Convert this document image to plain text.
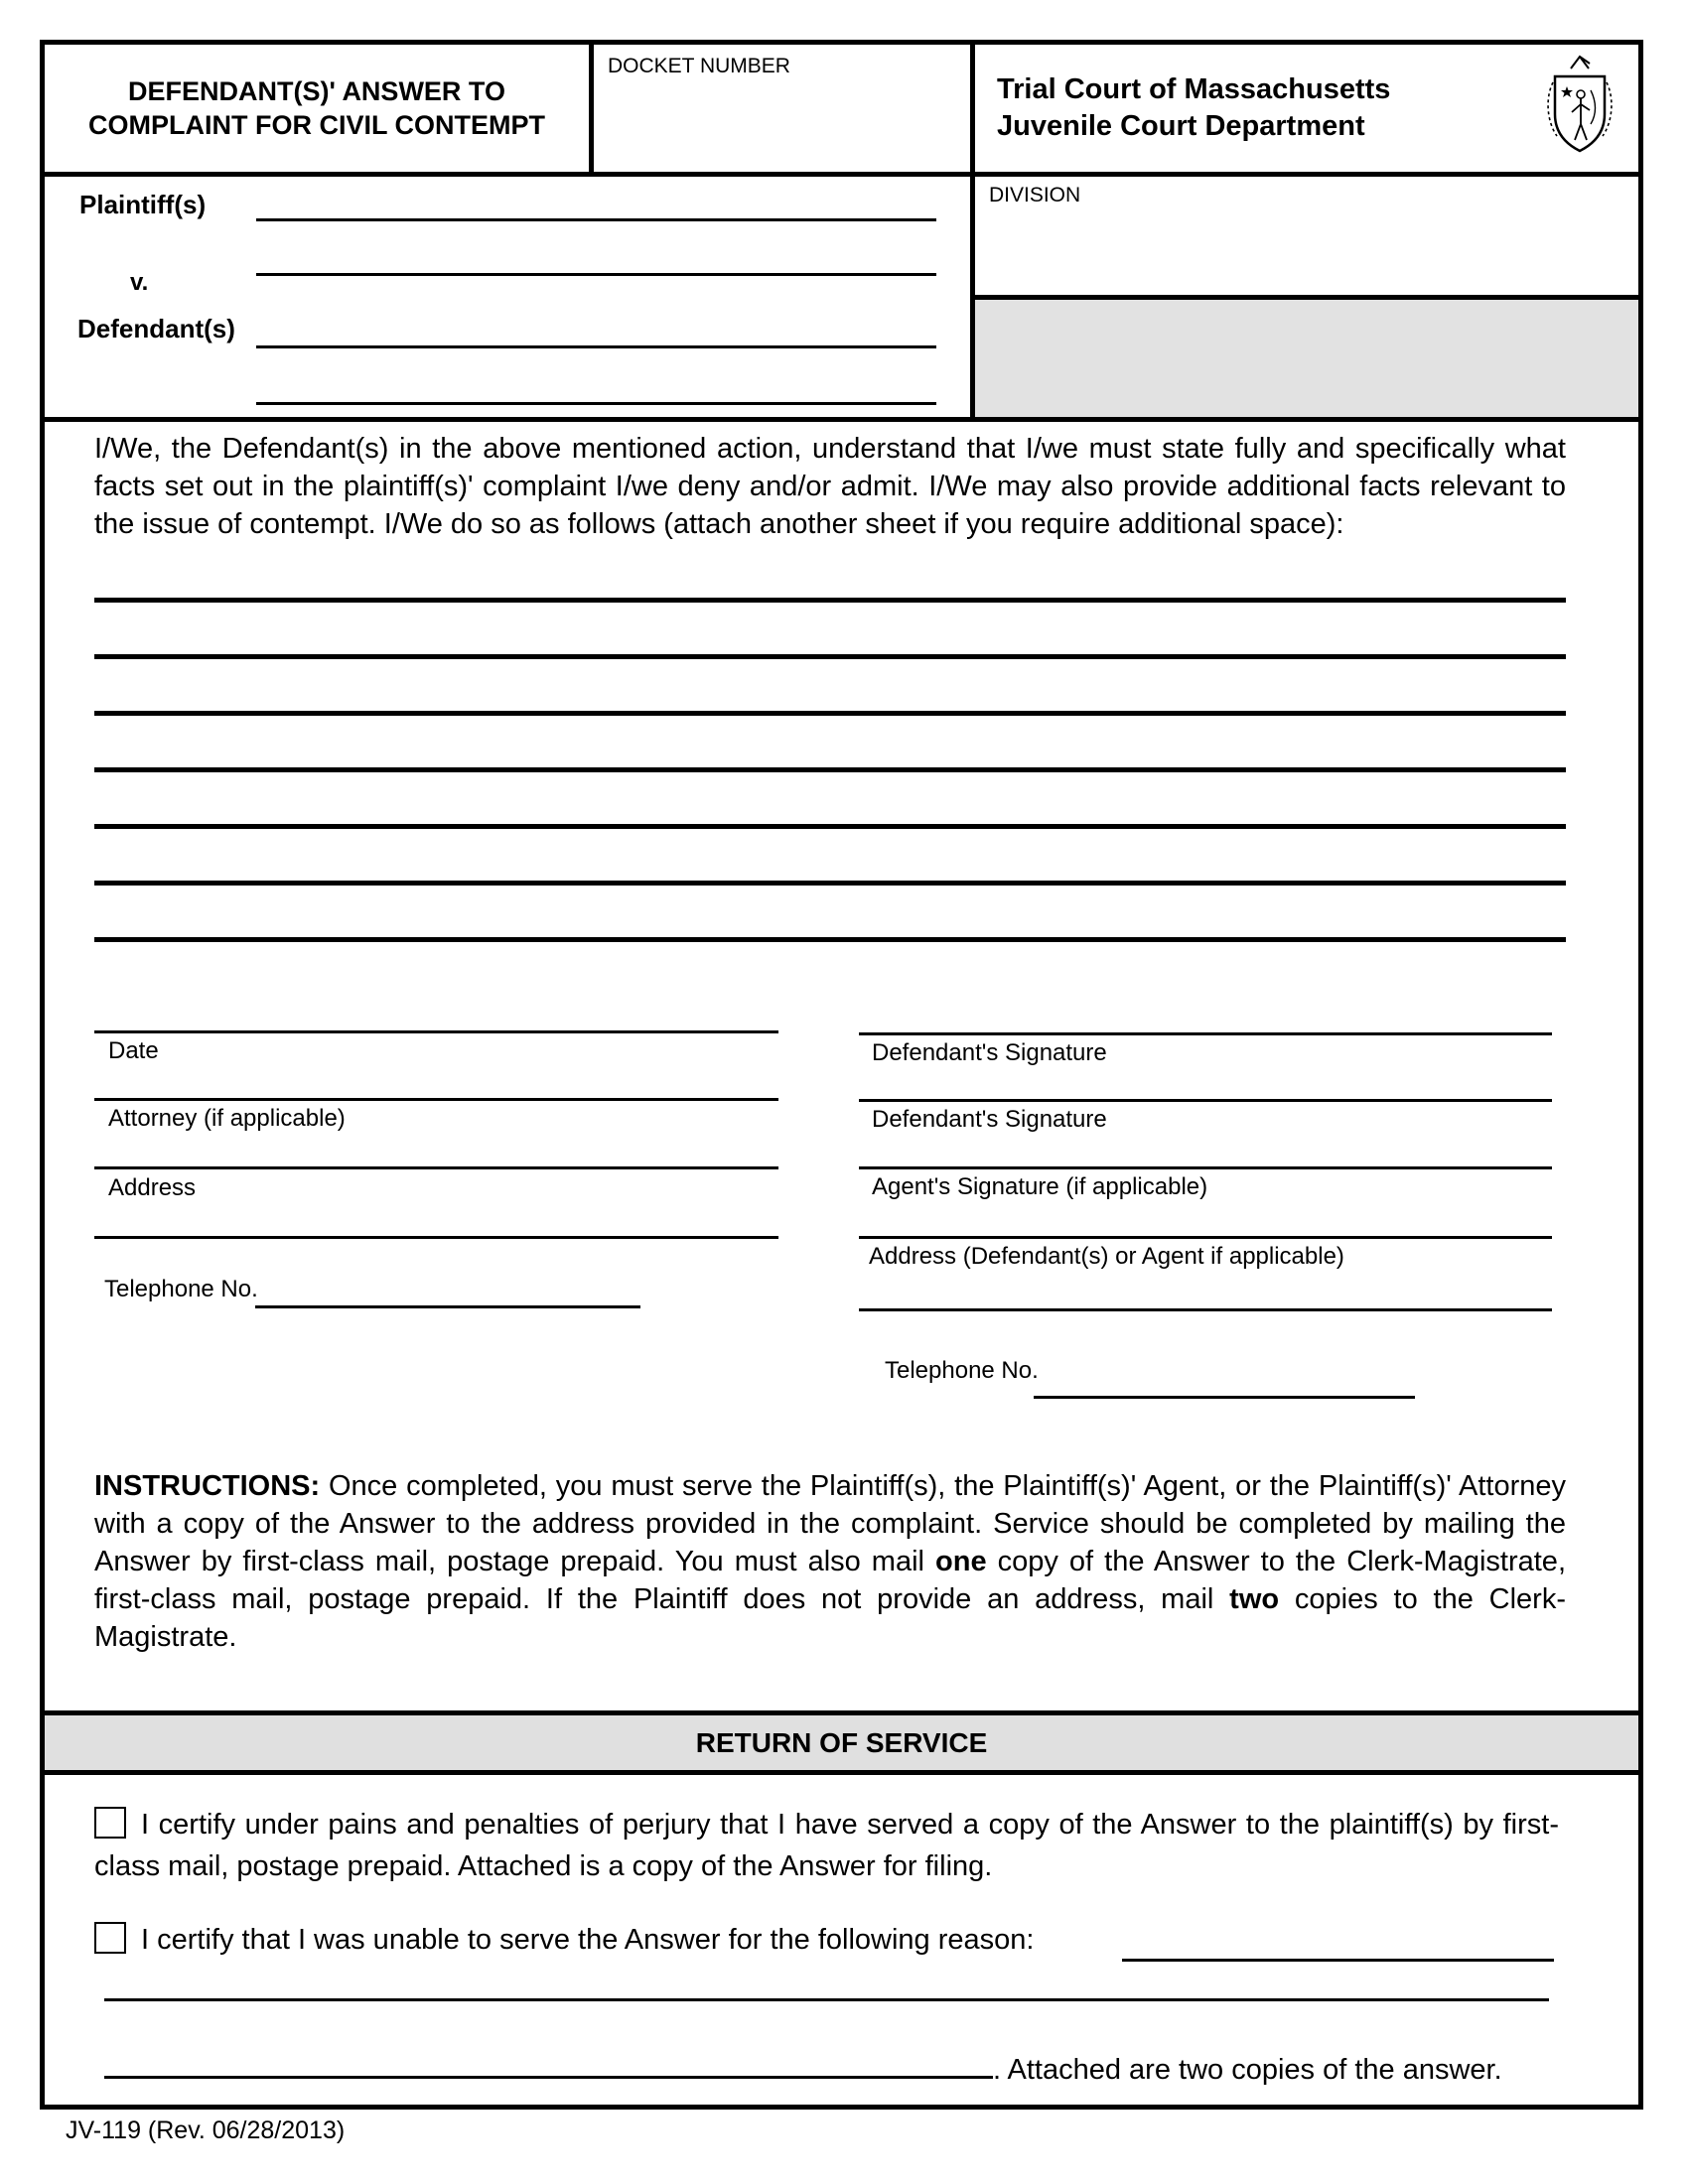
DEFENDANT(S)' ANSWER TO
COMPLAINT FOR CIVIL CONTEMPT
DOCKET NUMBER
Trial Court of Massachusetts
Juvenile Court Department
Plaintiff(s)
v.
Defendant(s)
DIVISION
I/We, the Defendant(s) in the above mentioned action, understand that I/we must state fully and specifically what facts set out in the plaintiff(s)' complaint I/we deny and/or admit. I/We may also provide additional facts relevant to the issue of contempt. I/We do so as follows (attach another sheet if you require additional space):
Date
Attorney (if applicable)
Address
Telephone No.
Defendant's Signature
Defendant's Signature
Agent's Signature (if applicable)
Address (Defendant(s) or Agent if applicable)
Telephone No.
INSTRUCTIONS: Once completed, you must serve the Plaintiff(s), the Plaintiff(s)' Agent, or the Plaintiff(s)' Attorney with a copy of the Answer to the address provided in the complaint. Service should be completed by mailing the Answer by first-class mail, postage prepaid. You must also mail one copy of the Answer to the Clerk-Magistrate, first-class mail, postage prepaid. If the Plaintiff does not provide an address, mail two copies to the Clerk-Magistrate.
RETURN OF SERVICE
I certify under pains and penalties of perjury that I have served a copy of the Answer to the plaintiff(s) by first-class mail, postage prepaid. Attached is a copy of the Answer for filing.
I certify that I was unable to serve the Answer for the following reason:
. Attached are two copies of the answer.
JV-119 (Rev. 06/28/2013)
